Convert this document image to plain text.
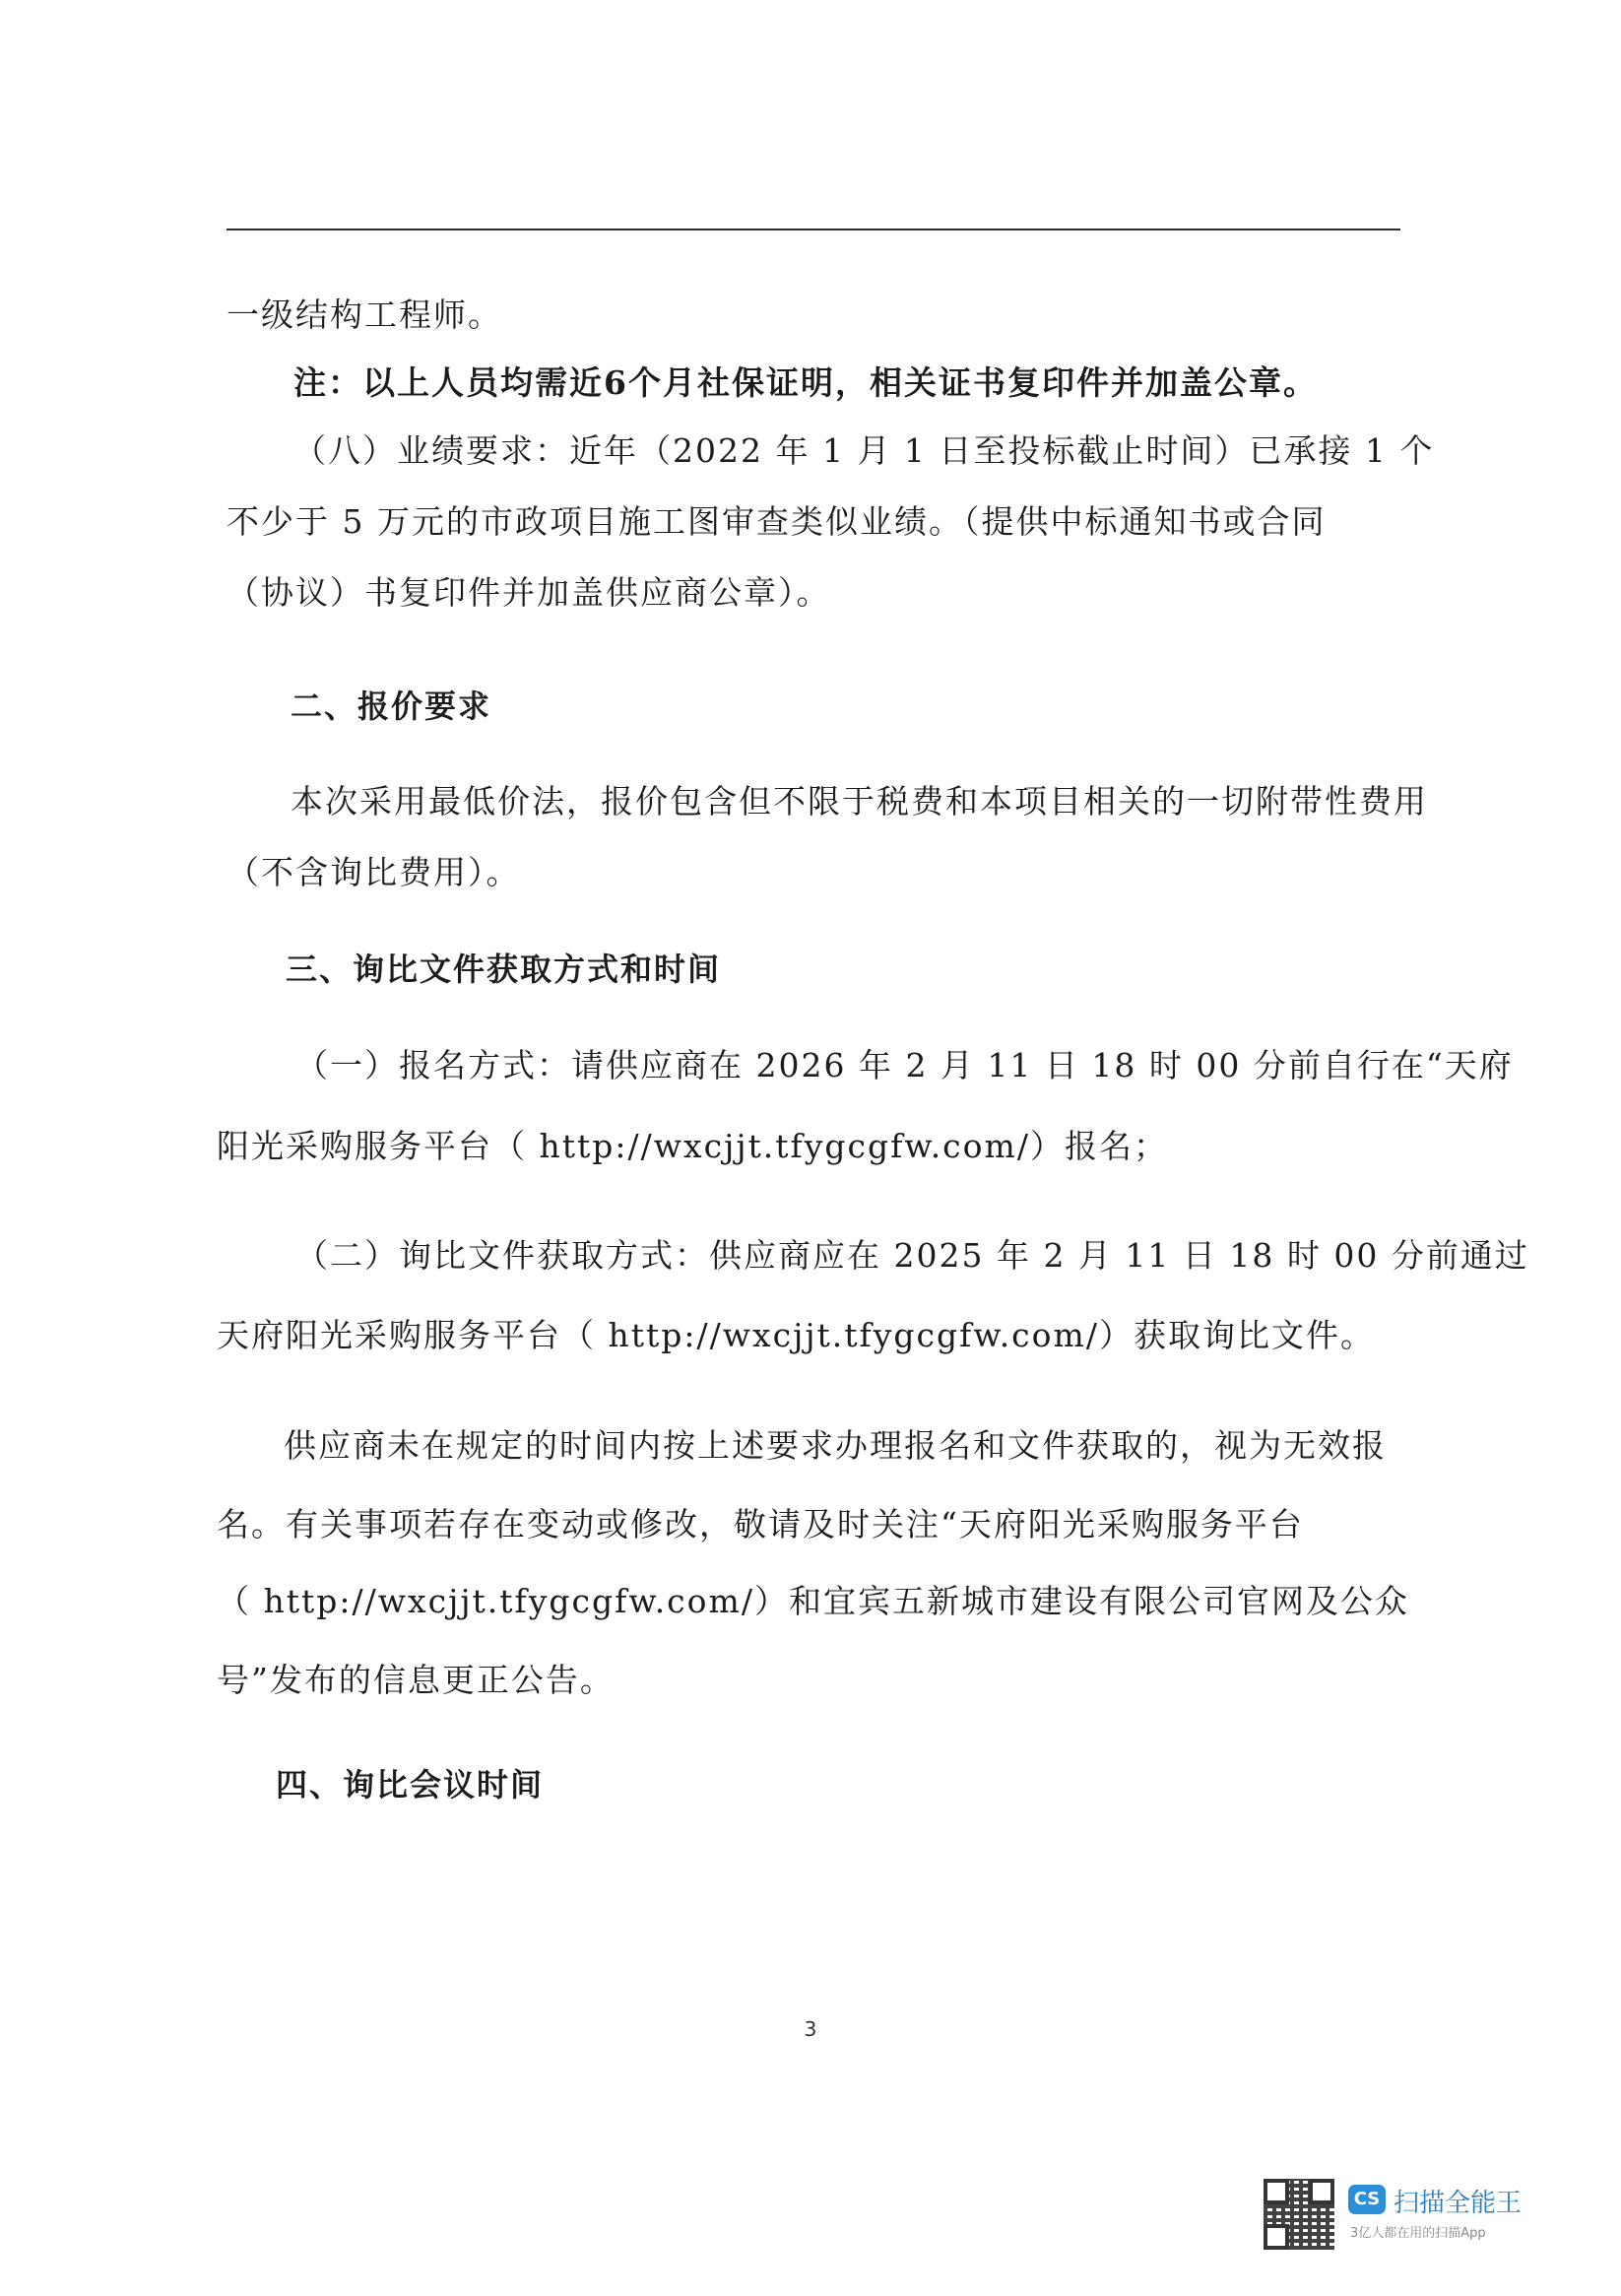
一级结构工程师。
注：以上人员均需近6个月社保证明，相关证书复印件并加盖公章。
（八）业绩要求：近年（2022 年 1 月 1 日至投标截止时间）已承接 1 个
不少于 5 万元的市政项目施工图审查类似业绩。（提供中标通知书或合同
（协议）书复印件并加盖供应商公章）。
二、报价要求
本次采用最低价法，报价包含但不限于税费和本项目相关的一切附带性费用
（不含询比费用）。
三、询比文件获取方式和时间
（一）报名方式：请供应商在 2026 年 2 月 11 日 18 时 00 分前自行在“天府
阳光采购服务平台（ http://wxcjjt.tfygcgfw.com/）报名；
（二）询比文件获取方式：供应商应在 2025 年 2 月 11 日 18 时 00 分前通过
天府阳光采购服务平台（ http://wxcjjt.tfygcgfw.com/）获取询比文件。
供应商未在规定的时间内按上述要求办理报名和文件获取的，视为无效报
名。有关事项若存在变动或修改，敬请及时关注“天府阳光采购服务平台
（ http://wxcjjt.tfygcgfw.com/）和宜宾五新城市建设有限公司官网及公众
号”发布的信息更正公告。
四、询比会议时间
3
CS 扫描全能王
3亿人都在用的扫描App
